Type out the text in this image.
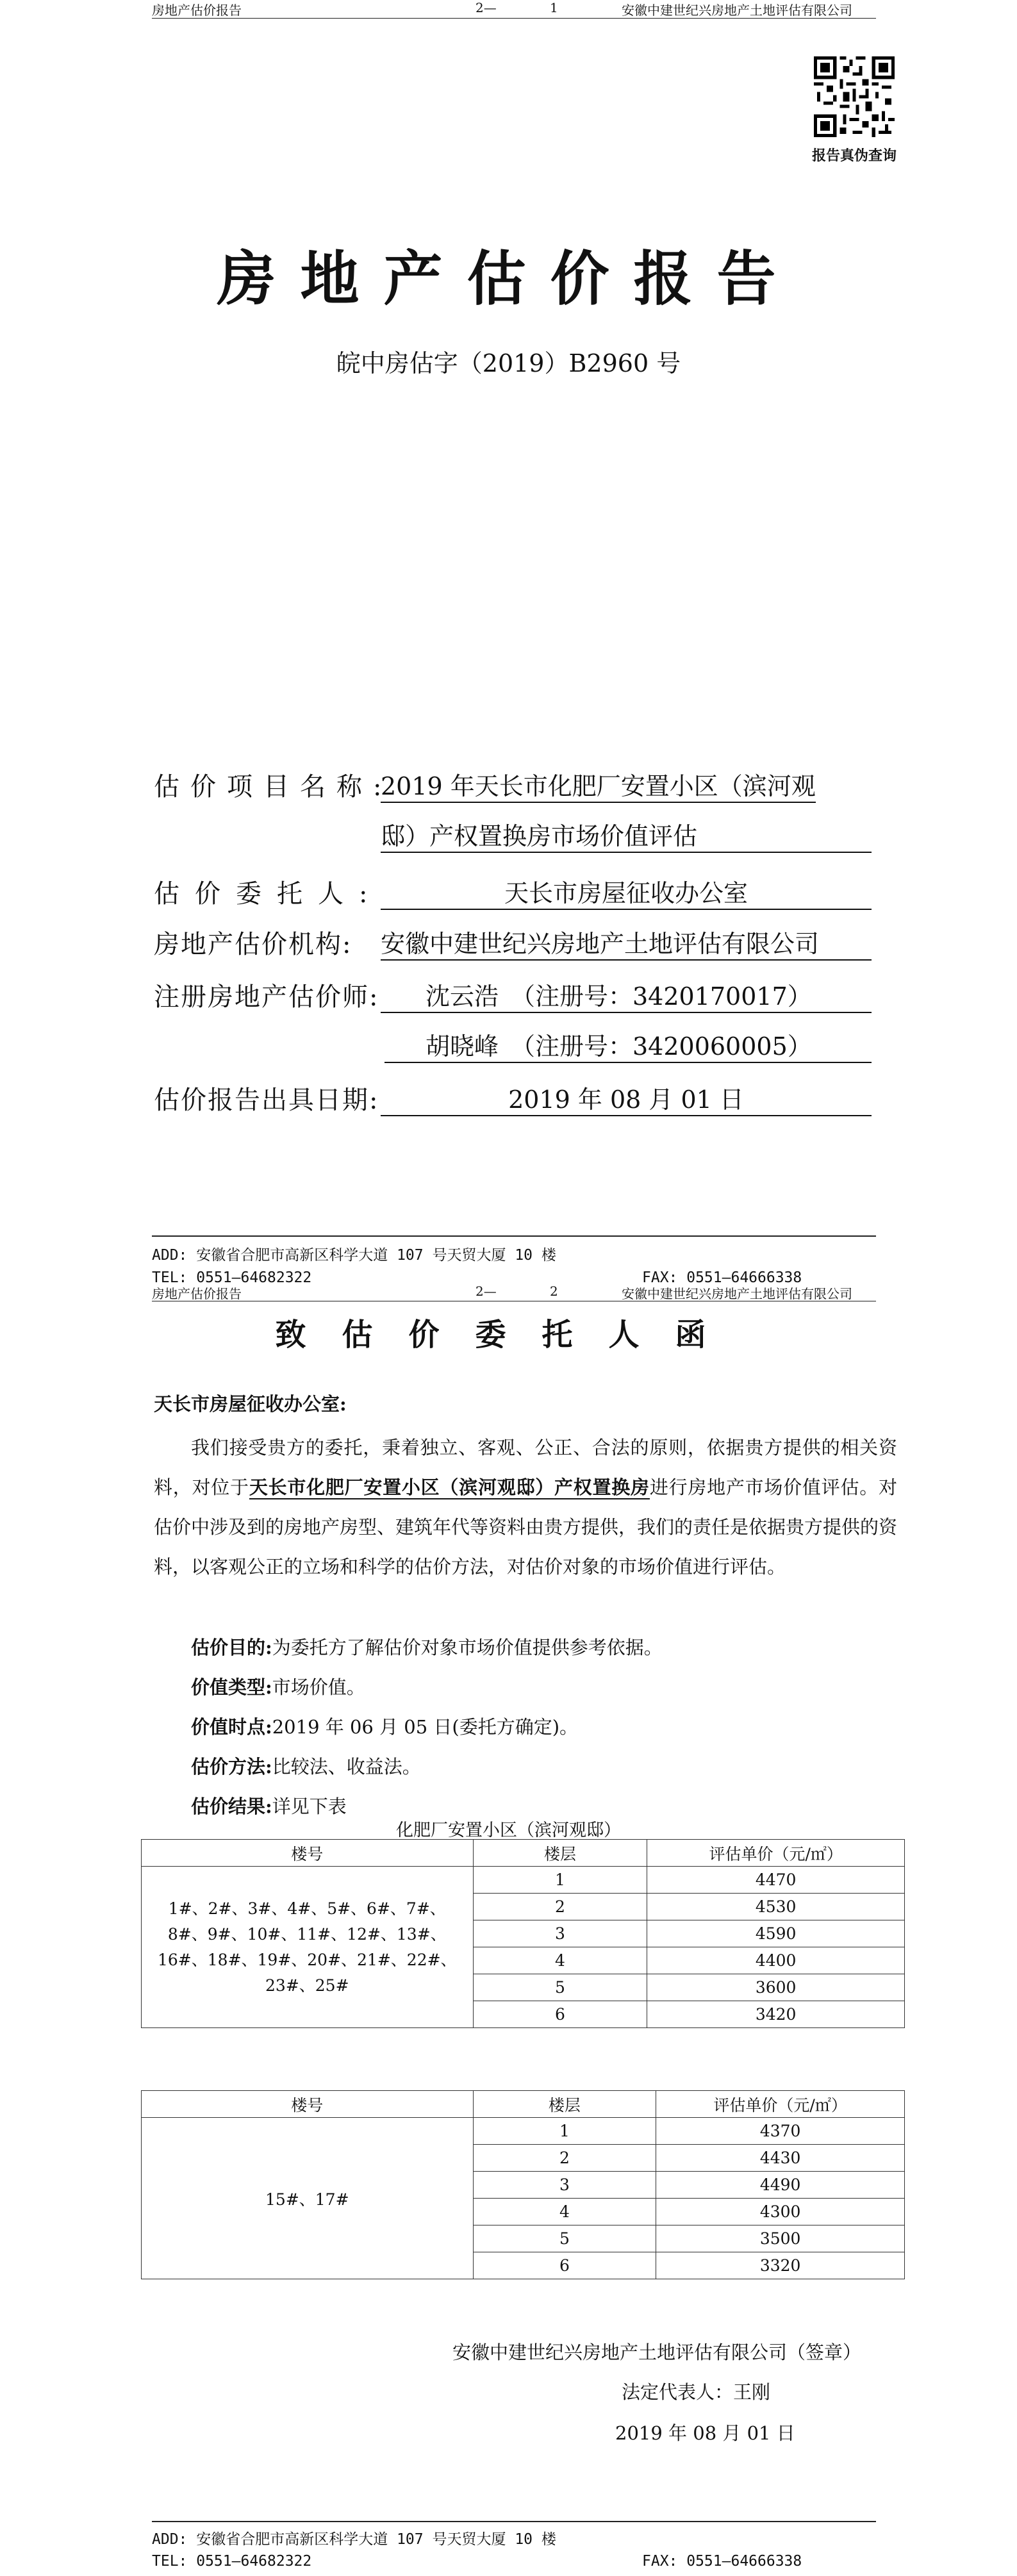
房地产估价报告	2—	1	安徽中建世纪兴房地产土地评估有限公司
报告真伪查询
房地产估价报告
皖中房估字（2019）B2960 号
估价项目名称:
2019 年天长市化肥厂安置小区（滨河观
邸）产权置换房市场价值评估
估价委托人:	天长市房屋征收办公室
房地产估价机构: 安徽中建世纪兴房地产土地评估有限公司
注册房地产估价师:	沈云浩　（注册号：3420170017）
胡晓峰　（注册号：3420060005）
估价报告出具日期:	2019 年 08 月 01 日
ADD: 安徽省合肥市高新区科学大道 107 号天贸大厦 10 楼
TEL: 0551—64682322	FAX: 0551—64666338
房地产估价报告	2—	2	安徽中建世纪兴房地产土地评估有限公司
致估价委托人函
天长市房屋征收办公室:
我们接受贵方的委托，秉着独立、客观、公正、合法的原则，依据贵方提供的相关资料，对位于天长市化肥厂安置小区（滨河观邸）产权置换房进行房地产市场价值评估。对估价中涉及到的房地产房型、建筑年代等资料由贵方提供，我们的责任是依据贵方提供的资料，以客观公正的立场和科学的估价方法，对估价对象的市场价值进行评估。
估价目的:为委托方了解估价对象市场价值提供参考依据。
价值类型:市场价值。
价值时点:2019 年 06 月 05 日(委托方确定)。
估价方法:比较法、收益法。
估价结果:详见下表
化肥厂安置小区（滨河观邸）
楼号	楼层	评估单价（元/㎡）
1#、2#、3#、4#、5#、6#、7#、8#、9#、10#、11#、12#、13#、16#、18#、19#、20#、21#、22#、23#、25#	1	4470
	2	4530
	3	4590
	4	4400
	5	3600
	6	3420
楼号	楼层	评估单价（元/㎡）
15#、17#	1	4370
	2	4430
	3	4490
	4	4300
	5	3500
	6	3320
安徽中建世纪兴房地产土地评估有限公司（签章）
法定代表人：王刚
2019 年 08 月 01 日
ADD: 安徽省合肥市高新区科学大道 107 号天贸大厦 10 楼
TEL: 0551—64682322	FAX: 0551—64666338
